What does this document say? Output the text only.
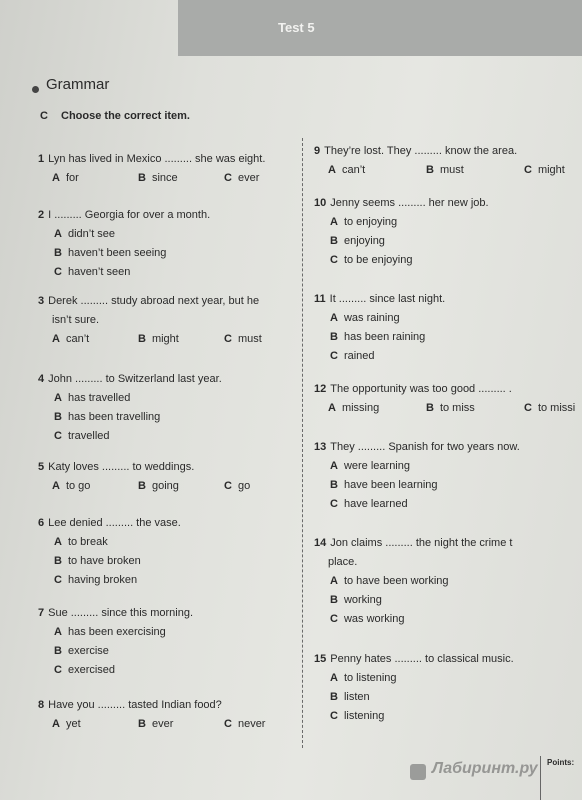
Test 5
Grammar
C Choose the correct item.
1 Lyn has lived in Mexico ......... she was eight.
A for	B since	C ever
2 I ......... Georgia for over a month.
A didn’t see
B haven’t been seeing
C haven’t seen
3 Derek ......... study abroad next year, but he
isn’t sure.
A can’t	B might	C must
4 John ......... to Switzerland last year.
A has travelled
B has been travelling
C travelled
5 Katy loves ......... to weddings.
A to go	B going	C go
6 Lee denied ......... the vase.
A to break
B to have broken
C having broken
7 Sue ......... since this morning.
A has been exercising
B exercise
C exercised
8 Have you ......... tasted Indian food?
A yet	B ever	C never
9 They’re lost. They ......... know the area.
A can’t	B must	C might
10 Jenny seems ......... her new job.
A to enjoying
B enjoying
C to be enjoying
11 It ......... since last night.
A was raining
B has been raining
C rained
12 The opportunity was too good ......... .
A missing	B to miss	C to missi
13 They ......... Spanish for two years now.
A were learning
B have been learning
C have learned
14 Jon claims ......... the night the crime t
place.
A to have been working
B working
C was working
15 Penny hates ......... to classical music.
A to listening
B listen
C listening
Points:
Лабиринт.ру
